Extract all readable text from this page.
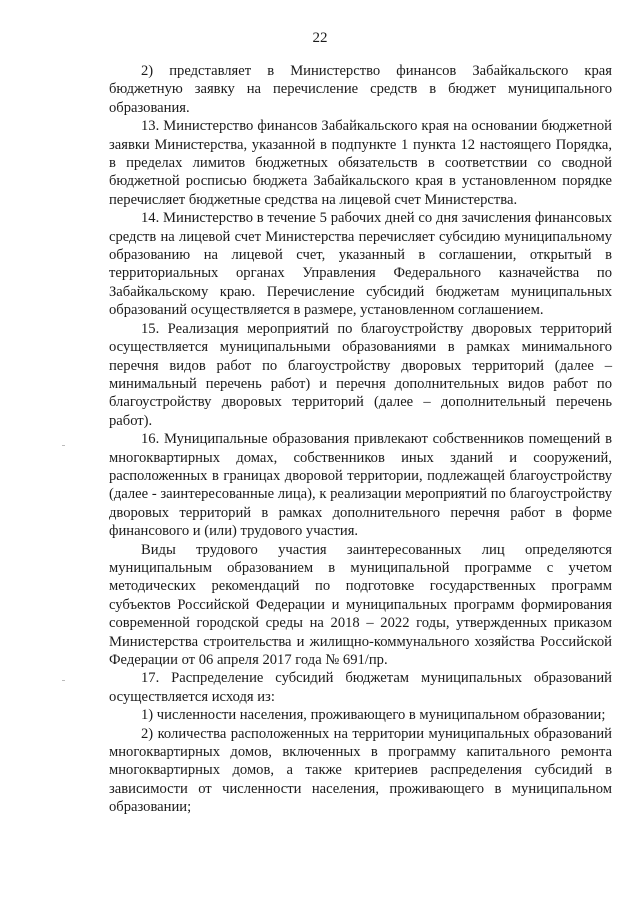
22

2) представляет в Министерство финансов Забайкальского края бюджетную заявку на перечисление средств в бюджет муниципального образования.

13. Министерство финансов Забайкальского края на основании бюджетной заявки Министерства, указанной в подпункте 1 пункта 12 настоящего Порядка, в пределах лимитов бюджетных обязательств в соответствии со сводной бюджетной росписью бюджета Забайкальского края в установленном порядке перечисляет бюджетные средства на лицевой счет Министерства.

14. Министерство в течение 5 рабочих дней со дня зачисления финансовых средств на лицевой счет Министерства перечисляет субсидию муниципальному образованию на лицевой счет, указанный в соглашении, открытый в территориальных органах Управления Федерального казначейства по Забайкальскому краю. Перечисление субсидий бюджетам муниципальных образований осуществляется в размере, установленном соглашением.

15. Реализация мероприятий по благоустройству дворовых территорий осуществляется муниципальными образованиями в рамках минимального перечня видов работ по благоустройству дворовых территорий (далее – минимальный перечень работ) и перечня дополнительных видов работ по благоустройству дворовых территорий (далее – дополнительный перечень работ).

16. Муниципальные образования привлекают собственников помещений в многоквартирных домах, собственников иных зданий и сооружений, расположенных в границах дворовой территории, подлежащей благоустройству (далее - заинтересованные лица), к реализации мероприятий по благоустройству дворовых территорий в рамках дополнительного перечня работ в форме финансового и (или) трудового участия.

Виды трудового участия заинтересованных лиц определяются муниципальным образованием в муниципальной программе с учетом методических рекомендаций по подготовке государственных программ субъектов Российской Федерации и муниципальных программ формирования современной городской среды на 2018 – 2022 годы, утвержденных приказом Министерства строительства и жилищно-коммунального хозяйства Российской Федерации от 06 апреля 2017 года № 691/пр.

17. Распределение субсидий бюджетам муниципальных образований осуществляется исходя из:

1) численности населения, проживающего в муниципальном образовании;

2) количества расположенных на территории муниципальных образований многоквартирных домов, включенных в программу капитального ремонта многоквартирных домов, а также критериев распределения субсидий в зависимости от численности населения, проживающего в муниципальном образовании;
